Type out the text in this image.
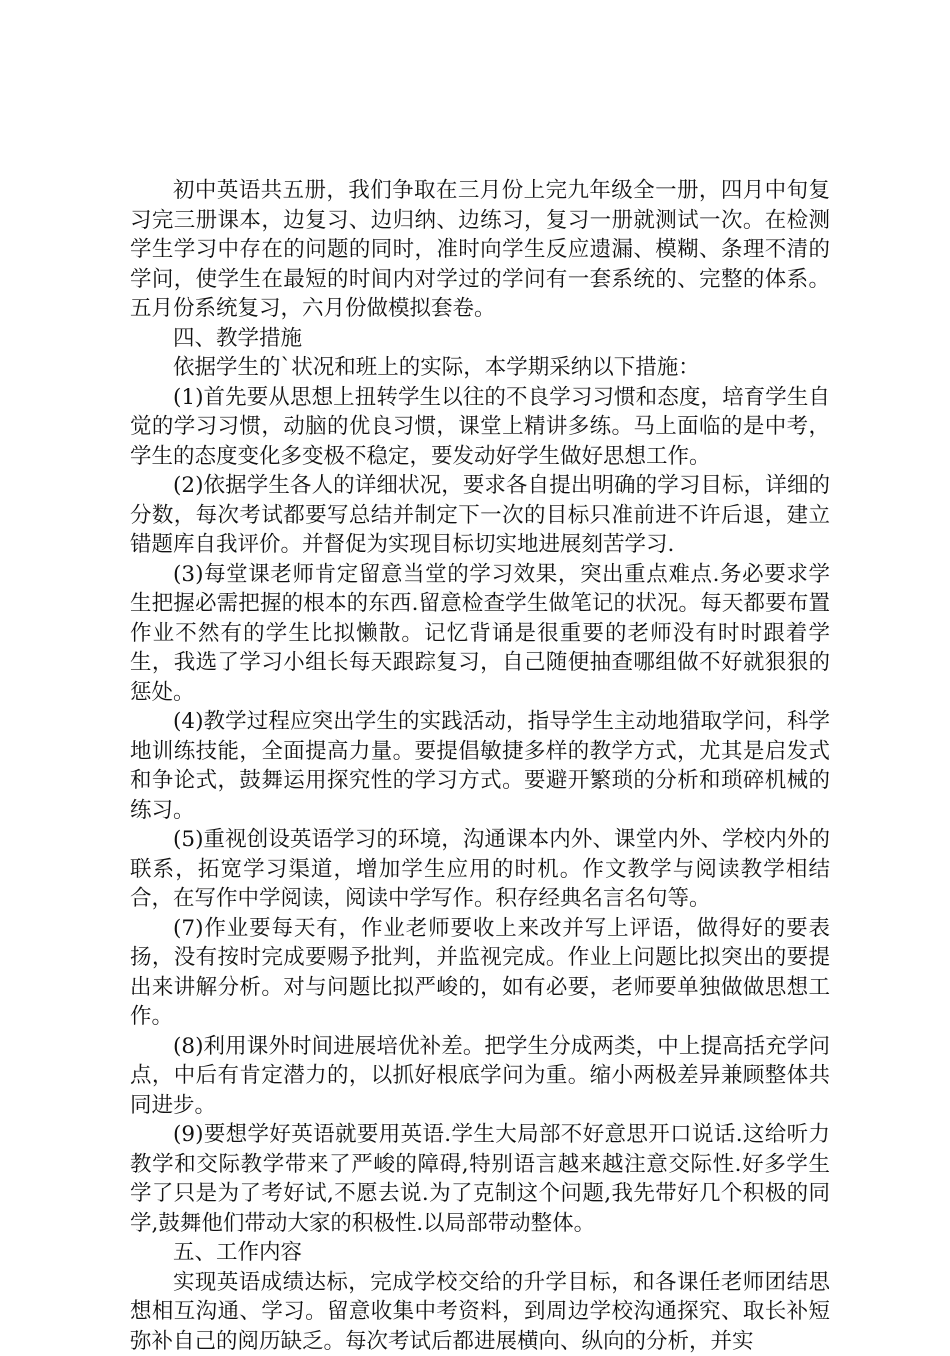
初中英语共五册，我们争取在三月份上完九年级全一册，四月中旬复习完三册课本，边复习、边归纳、边练习，复习一册就测试一次。在检测学生学习中存在的问题的同时，准时向学生反应遗漏、模糊、条理不清的学问，使学生在最短的时间内对学过的学问有一套系统的、完整的体系。五月份系统复习，六月份做模拟套卷。

四、教学措施

依据学生的`状况和班上的实际，本学期采纳以下措施：

(1)首先要从思想上扭转学生以往的不良学习习惯和态度，培育学生自觉的学习习惯，动脑的优良习惯，课堂上精讲多练。马上面临的是中考，学生的态度变化多变极不稳定，要发动好学生做好思想工作。

(2)依据学生各人的详细状况，要求各自提出明确的学习目标，详细的分数，每次考试都要写总结并制定下一次的目标只准前进不许后退，建立错题库自我评价。并督促为实现目标切实地进展刻苦学习.

(3)每堂课老师肯定留意当堂的学习效果，突出重点难点.务必要求学生把握必需把握的根本的东西.留意检查学生做笔记的状况。每天都要布置作业不然有的学生比拟懒散。记忆背诵是很重要的老师没有时时跟着学生，我选了学习小组长每天跟踪复习，自己随便抽查哪组做不好就狠狠的惩处。

(4)教学过程应突出学生的实践活动，指导学生主动地猎取学问，科学地训练技能，全面提高力量。要提倡敏捷多样的教学方式，尤其是启发式和争论式，鼓舞运用探究性的学习方式。要避开繁琐的分析和琐碎机械的练习。

(5)重视创设英语学习的环境，沟通课本内外、课堂内外、学校内外的联系，拓宽学习渠道，增加学生应用的时机。作文教学与阅读教学相结合，在写作中学阅读，阅读中学写作。积存经典名言名句等。

(7)作业要每天有，作业老师要收上来改并写上评语，做得好的要表扬，没有按时完成要赐予批判，并监视完成。作业上问题比拟突出的要提出来讲解分析。对与问题比拟严峻的，如有必要，老师要单独做做思想工作。

(8)利用课外时间进展培优补差。把学生分成两类，中上提高括充学问点，中后有肯定潜力的，以抓好根底学问为重。缩小两极差异兼顾整体共同进步。

(9)要想学好英语就要用英语.学生大局部不好意思开口说话.这给听力教学和交际教学带来了严峻的障碍,特别语言越来越注意交际性.好多学生学了只是为了考好试,不愿去说.为了克制这个问题,我先带好几个积极的同学,鼓舞他们带动大家的积极性.以局部带动整体。

五、工作内容

实现英语成绩达标，完成学校交给的升学目标，和各课任老师团结思想相互沟通、学习。留意收集中考资料，到周边学校沟通探究、取长补短弥补自己的阅历缺乏。每次考试后都进展横向、纵向的分析，并实
